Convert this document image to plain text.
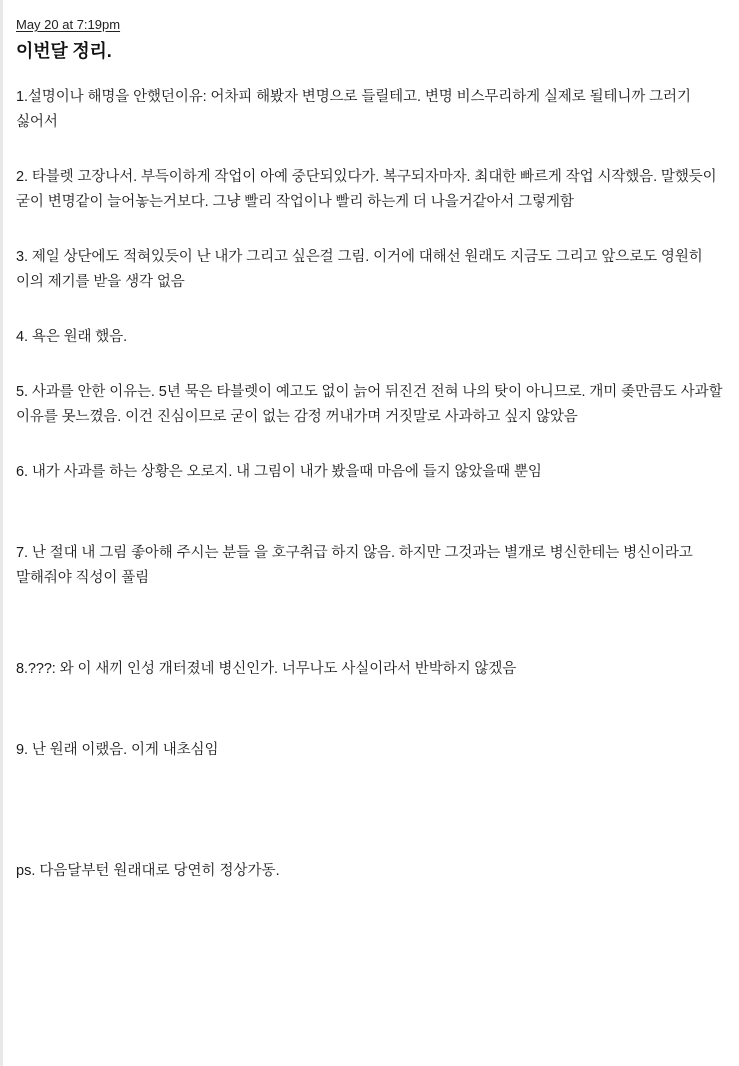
May 20 at 7:19pm
이번달 정리.

1.설명이나 해명을 안했던이유: 어차피 해봤자 변명으로 들릴테고. 변명 비스무리하게 실제로 될테니까 그러기 싫어서

2. 타블렛 고장나서. 부득이하게 작업이 아예 중단되있다가. 복구되자마자. 최대한 빠르게 작업 시작했음. 말했듯이 굳이 변명같이 늘어놓는거보다. 그냥 빨리 작업이나 빨리 하는게 더 나을거같아서 그렇게함

3. 제일 상단에도 적혀있듯이 난 내가 그리고 싶은걸 그림. 이거에 대해선 원래도 지금도 그리고 앞으로도 영원히 이의 제기를 받을 생각 없음

4. 욕은 원래 했음.

5. 사과를 안한 이유는. 5년 묵은 타블렛이 예고도 없이 늙어 뒤진건 전혀 나의 탓이 아니므로. 개미 좆만큼도 사과할 이유를 못느꼈음. 이건 진심이므로 굳이 없는 감정 꺼내가며 거짓말로 사과하고 싶지 않았음

6. 내가 사과를 하는 상황은 오로지. 내 그림이 내가 봤을때 마음에 들지 않았을때 뿐임

7. 난 절대 내 그림 좋아해 주시는 분들 을 호구취급 하지 않음. 하지만 그것과는 별개로 병신한테는 병신이라고 말해줘야 직성이 풀림

8.???: 와 이 새끼 인성 개터졌네 병신인가. 너무나도 사실이라서 반박하지 않겠음

9. 난 원래 이랬음. 이게 내초심임

ps. 다음달부턴 원래대로 당연히 정상가동.
